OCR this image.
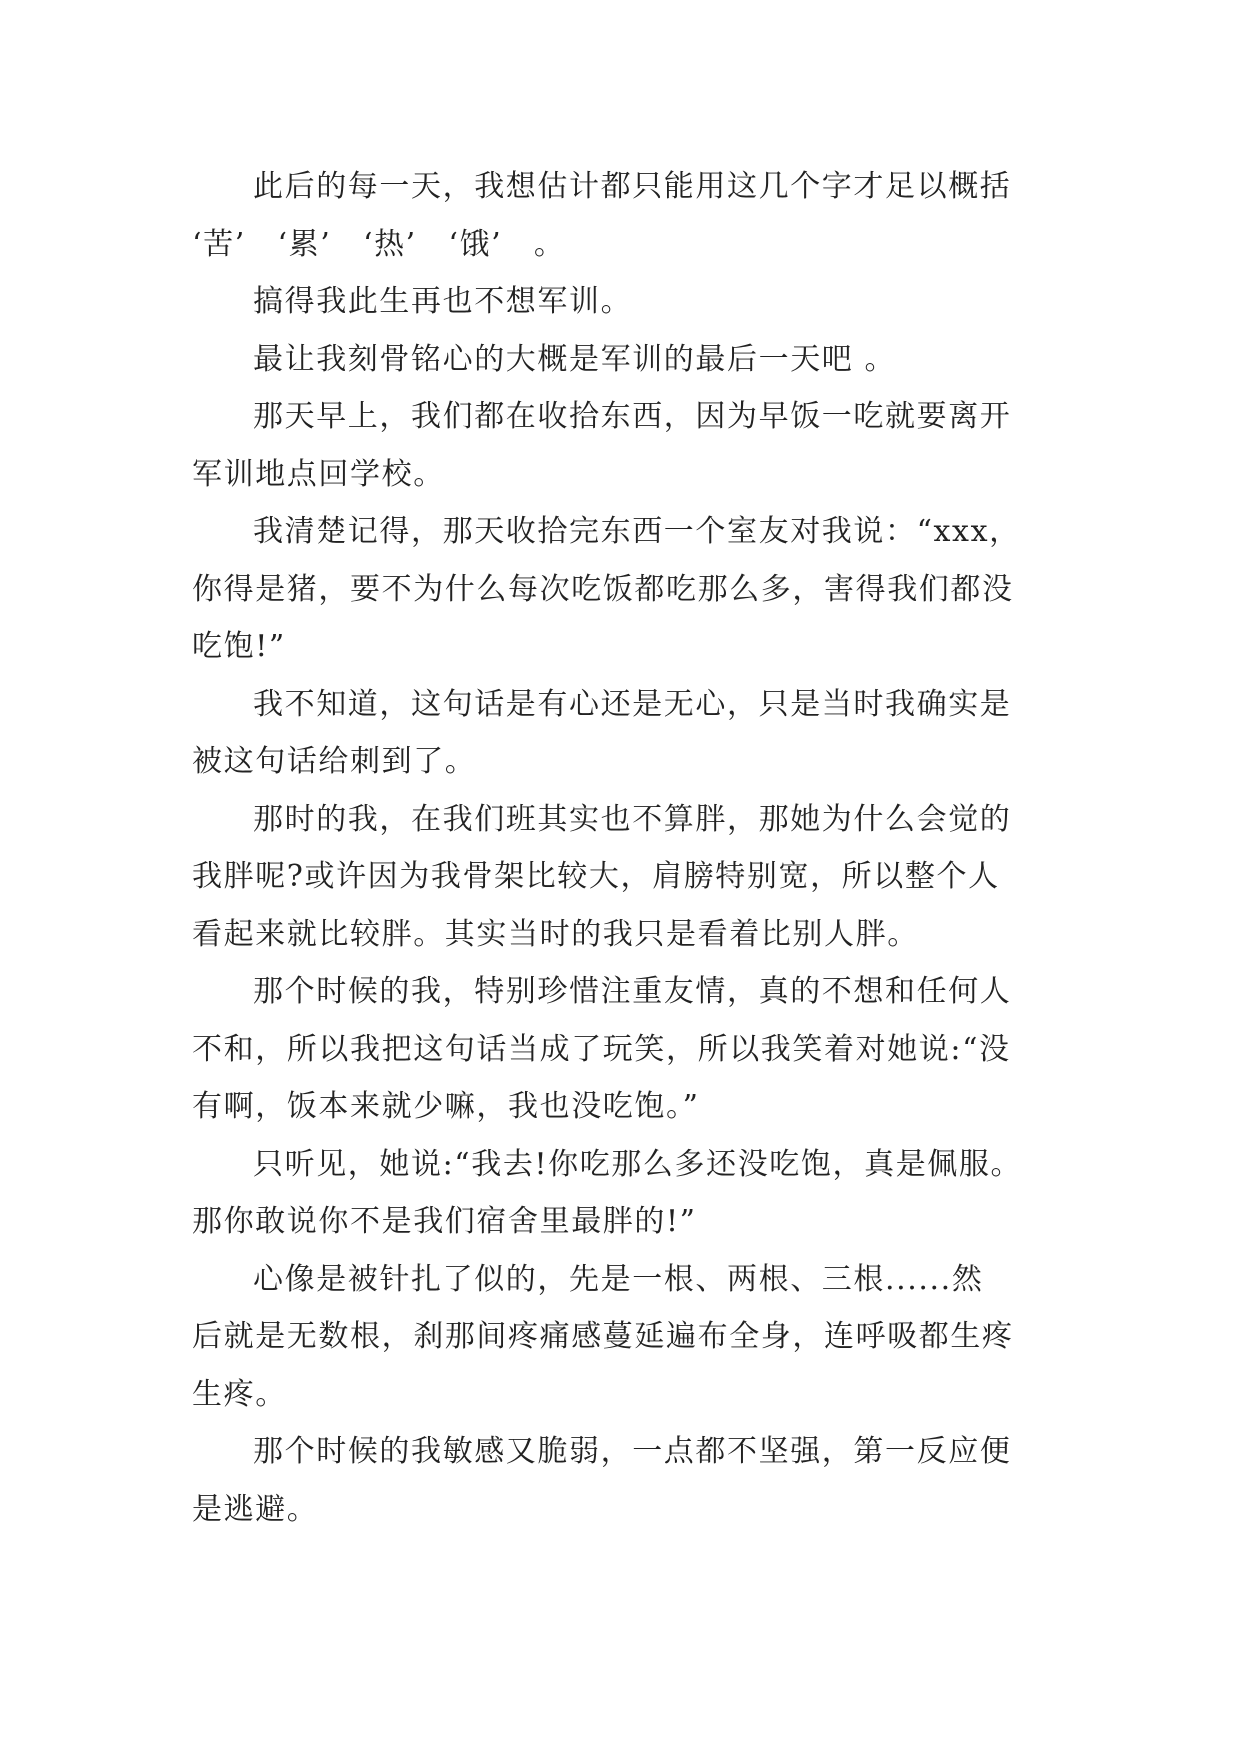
此后的每一天，我想估计都只能用这几个字才足以概括
‘苦’　‘累’　‘热’　‘饿’　。

搞得我此生再也不想军训。

最让我刻骨铭心的大概是军训的最后一天吧 。

那天早上，我们都在收拾东西，因为早饭一吃就要离开
军训地点回学校。

我清楚记得，那天收拾完东西一个室友对我说：“xxx，
你得是猪，要不为什么每次吃饭都吃那么多，害得我们都没
吃饱!”

我不知道，这句话是有心还是无心，只是当时我确实是
被这句话给刺到了。

那时的我，在我们班其实也不算胖，那她为什么会觉的
我胖呢?或许因为我骨架比较大，肩膀特别宽，所以整个人
看起来就比较胖。其实当时的我只是看着比别人胖。

那个时候的我，特别珍惜注重友情，真的不想和任何人
不和，所以我把这句话当成了玩笑，所以我笑着对她说:“没
有啊，饭本来就少嘛，我也没吃饱。”

只听见，她说:“我去!你吃那么多还没吃饱，真是佩服。
那你敢说你不是我们宿舍里最胖的!”

心像是被针扎了似的，先是一根、两根、三根......然
后就是无数根，刹那间疼痛感蔓延遍布全身，连呼吸都生疼
生疼。

那个时候的我敏感又脆弱，一点都不坚强，第一反应便
是逃避。
